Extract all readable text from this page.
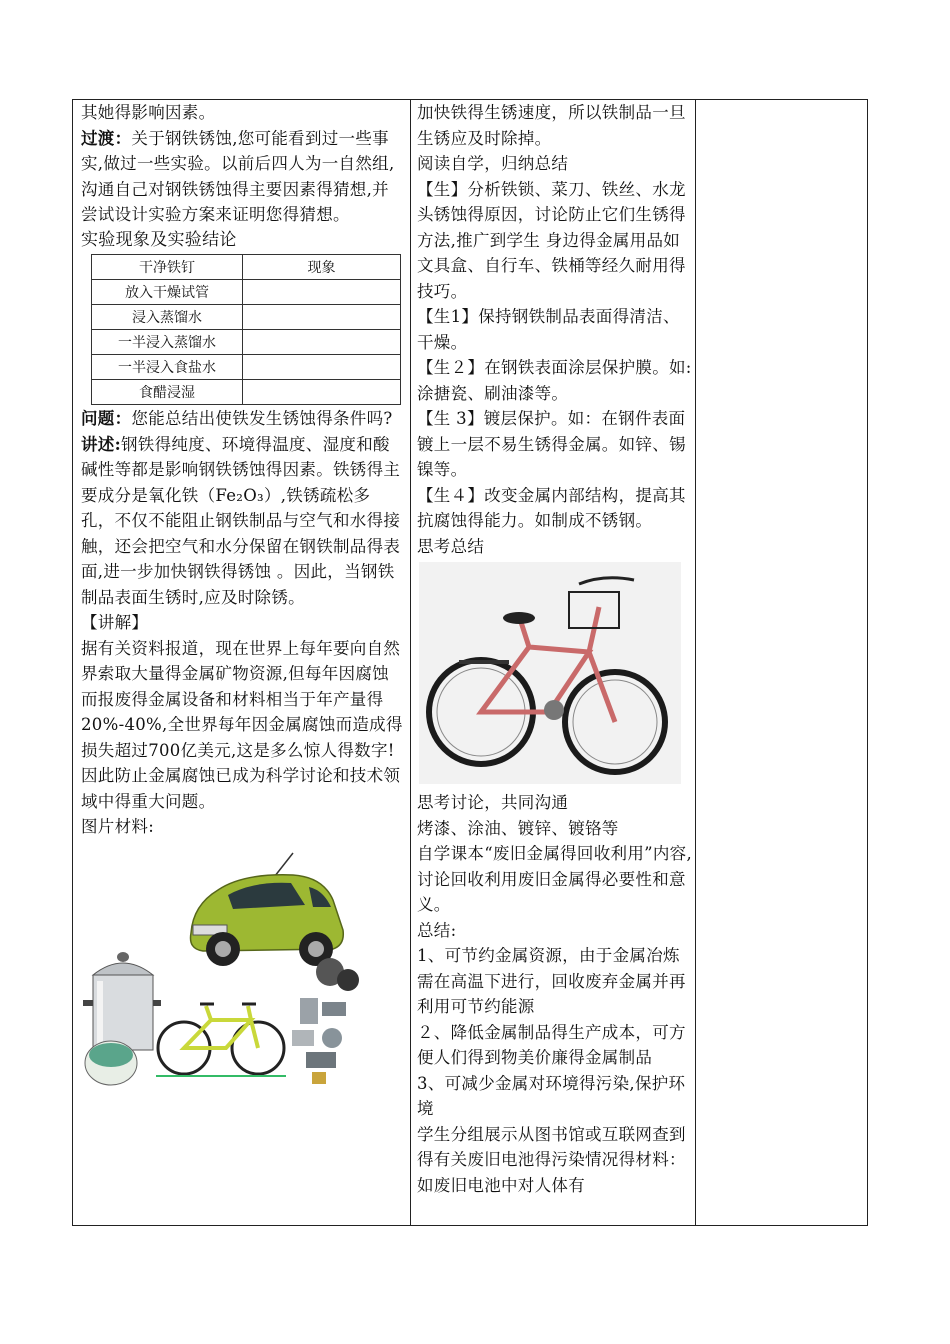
其她得影响因素。

过渡：关于钢铁锈蚀,您可能看到过一些事实,做过一些实验。以前后四人为一自然组,沟通自己对钢铁锈蚀得主要因素得猜想,并尝试设计实验方案来证明您得猜想。

实验现象及实验结论

干净铁钉	现象
放入干燥试管	
浸入蒸馏水	
一半浸入蒸馏水	
一半浸入食盐水	
食醋浸湿	

问题：您能总结出使铁发生锈蚀得条件吗?

讲述:钢铁得纯度、环境得温度、湿度和酸碱性等都是影响钢铁锈蚀得因素。铁锈得主要成分是氧化铁（Fe₂O₃）,铁锈疏松多孔，不仅不能阻止钢铁制品与空气和水得接触，还会把空气和水分保留在钢铁制品得表面,进一步加快钢铁得锈蚀 。因此，当钢铁制品表面生锈时,应及时除锈。

【讲解】

据有关资料报道，现在世界上每年要向自然界索取大量得金属矿物资源,但每年因腐蚀而报废得金属设备和材料相当于年产量得20%-40%,全世界每年因金属腐蚀而造成得损失超过700亿美元,这是多么惊人得数字!因此防止金属腐蚀已成为科学讨论和技术领域中得重大问题。

图片材料:

加快铁得生锈速度，所以铁制品一旦生锈应及时除掉。

阅读自学，归纳总结

【生】分析铁锁、菜刀、铁丝、水龙头锈蚀得原因，讨论防止它们生锈得方法,推广到学生 身边得金属用品如文具盒、自行车、铁桶等经久耐用得技巧。

【生1】保持钢铁制品表面得清洁、干燥。

【生２】在钢铁表面涂层保护膜。如:涂搪瓷、刷油漆等。

【生 3】镀层保护。如：在钢件表面镀上一层不易生锈得金属。如锌、锡镍等。

【生４】改变金属内部结构，提高其抗腐蚀得能力。如制成不锈钢。

思考总结

思考讨论，共同沟通

烤漆、涂油、镀锌、镀铬等

自学课本“废旧金属得回收利用”内容,讨论回收利用废旧金属得必要性和意义。

总结:

1、可节约金属资源，由于金属冶炼需在高温下进行，回收废弃金属并再利用可节约能源

２、降低金属制品得生产成本，可方便人们得到物美价廉得金属制品

3、可减少金属对环境得污染,保护环境

学生分组展示从图书馆或互联网查到得有关废旧电池得污染情况得材料：如废旧电池中对人体有
